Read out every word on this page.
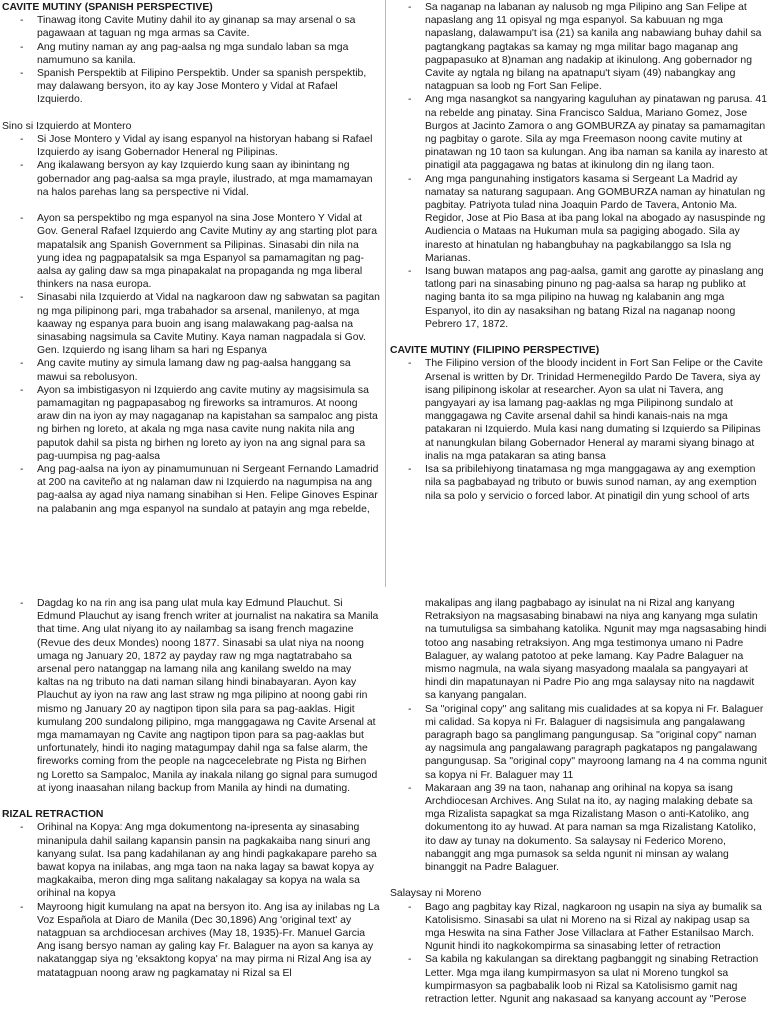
CAVITE MUTINY (SPANISH PERSPECTIVE)

- Tinawag itong Cavite Mutiny dahil ito ay ginanap sa may arsenal o sa pagawaan at taguan ng mga armas sa Cavite.
- Ang mutiny naman ay ang pag-aalsa ng mga sundalo laban sa mga namumuno sa kanila.
- Spanish Perspektib at Filipino Perspektib. Under sa spanish perspektib, may dalawang bersyon, ito ay kay Jose Montero y Vidal at Rafael Izquierdo.

Sino si Izquierdo at Montero

- Si Jose Montero y Vidal ay isang espanyol na historyan habang si Rafael Izquierdo ay isang Gobernador Heneral ng Pilipinas.
- Ang ikalawang bersyon ay kay Izquierdo kung saan ay ibinintang ng gobernador ang pag-aalsa sa mga prayle, ilustrado, at mga mamamayan na halos parehas lang sa perspective ni Vidal.
- Ayon sa perspektibo ng mga espanyol na sina Jose Montero Y Vidal at Gov. General Rafael Izquierdo ang Cavite Mutiny ay ang starting plot para mapatalsik ang Spanish Government sa Pilipinas. Sinasabi din nila na yung idea ng pagpapatalsik sa mga Espanyol sa pamamagitan ng pag-aalsa ay galing daw sa mga pinapakalat na propaganda ng mga liberal thinkers na nasa europa.
- Sinasabi nila Izquierdo at Vidal na nagkaroon daw ng sabwatan sa pagitan ng mga pilipinong pari, mga trabahador sa arsenal, manilenyo, at mga kaaway ng espanya para buoin ang isang malawakang pag-aalsa na sinasabing nagsimula sa Cavite Mutiny. Kaya naman nagpadala si Gov. Gen. Izquierdo ng isang liham sa hari ng Espanya
- Ang cavite mutiny ay simula lamang daw ng pag-aalsa hanggang sa mawui sa rebolusyon.
- Ayon sa imbistigasyon ni Izquierdo ang cavite mutiny ay magsisimula sa pamamagitan ng pagpapasabog ng fireworks sa intramuros. At noong araw din na iyon ay may nagaganap na kapistahan sa sampaloc ang pista ng birhen ng loreto, at akala ng mga nasa cavite nung nakita nila ang paputok dahil sa pista ng birhen ng loreto ay iyon na ang signal para sa pag-uumpisa ng pag-aalsa
- Ang pag-aalsa na iyon ay pinamumunuan ni Sergeant Fernando Lamadrid at 200 na caviteño at ng nalaman daw ni Izquierdo na nagumpisa na ang pag-aalsa ay agad niya namang sinabihan si Hen. Felipe Ginoves Espinar na palabanin ang mga espanyol na sundalo at patayin ang mga rebelde,
- Sa naganap na labanan ay nalusob ng mga Pilipino ang San Felipe at napaslang ang 11 opisyal ng mga espanyol. Sa kabuuan ng mga napaslang, dalawampu't isa (21) sa kanila ang nabawiang buhay dahil sa pagtangkang pagtakas sa kamay ng mga militar bago maganap ang pagpapasuko at 8)naman ang nadakip at ikinulong. Ang gobernador ng Cavite ay ngtala ng bilang na apatnapu't siyam (49) nabangkay ang natagpuan sa loob ng Fort San Felipe.
- Ang mga nasangkot sa nangyaring kaguluhan ay pinatawan ng parusa. 41 na rebelde ang pinatay. Sina Francisco Saldua, Mariano Gomez, Jose Burgos at Jacinto Zamora o ang GOMBURZA ay pinatay sa pamamagitan ng pagbitay o garote. Sila ay mga Freemason noong cavite mutiny at pinatawan ng 10 taon sa kulungan. Ang iba naman sa kanila ay inaresto at pinatigil ata paggagawa ng batas at ikinulong din ng ilang taon.
- Ang mga pangunahing instigators kasama si Sergeant La Madrid ay namatay sa naturang sagupaan. Ang GOMBURZA naman ay hinatulan ng pagbitay. Patriyota tulad nina Joaquin Pardo de Tavera, Antonio Ma. Regidor, Jose at Pio Basa at iba pang lokal na abogado ay nasuspinde ng Audiencia o Mataas na Hukuman mula sa pagiging abogado. Sila ay inaresto at hinatulan ng habangbuhay na pagkabilanggo sa Isla ng Marianas.
- Isang buwan matapos ang pag-aalsa, gamit ang garotte ay pinaslang ang tatlong pari na sinasabing pinuno ng pag-aalsa sa harap ng publiko at naging banta ito sa mga pilipino na huwag ng kalabanin ang mga Espanyol, ito din ay nasaksihan ng batang Rizal na naganap noong Pebrero 17, 1872.

CAVITE MUTINY (FILIPINO PERSPECTIVE)

- The Filipino version of the bloody incident in Fort San Felipe or the Cavite Arsenal is written by Dr. Trinidad Hermenegildo Pardo De Tavera, siya ay isang pilipinong iskolar at researcher. Ayon sa ulat ni Tavera, ang pangyayari ay isa lamang pag-aaklas ng mga Pilipinong sundalo at manggagawa ng Cavite arsenal dahil sa hindi kanais-nais na mga patakaran ni Izquierdo. Mula kasi nang dumating si Izquierdo sa Pilipinas at nanungkulan bilang Gobernador Heneral ay marami siyang binago at inalis na mga patakaran sa ating bansa
- Isa sa pribilehiyong tinatamasa ng mga manggagawa ay ang exemption nila sa pagbabayad ng tributo or buwis sunod naman, ay ang exemption nila sa polo y servicio o forced labor. At pinatigil din yung school of arts
- Dagdag ko na rin ang isa pang ulat mula kay Edmund Plauchut. Si Edmund Plauchut ay isang french writer at journalist na nakatira sa Manila that time. Ang ulat niyang ito ay nailambag sa isang french magazine (Revue des deux Mondes) noong 1877. Sinasabi sa ulat niya na noong umaga ng January 20, 1872 ay payday raw ng mga nagtatrabaho sa arsenal pero natanggap na lamang nila ang kanilang sweldo na may kaltas na ng tributo na dati naman silang hindi binabayaran. Ayon kay Plauchut ay iyon na raw ang last straw ng mga pilipino at noong gabi rin mismo ng January 20 ay nagtipon tipon sila para sa pag-aaklas. Higit kumulang 200 sundalong pilipino, mga manggagawa ng Cavite Arsenal at mga mamamayan ng Cavite ang nagtipon tipon para sa pag-aaklas but unfortunately, hindi ito naging matagumpay dahil nga sa false alarm, the fireworks coming from the people na nagcecelebrate ng Pista ng Birhen ng Loretto sa Sampaloc, Manila ay inakala nilang go signal para sumugod at iyong inaasahan nilang backup from Manila ay hindi na dumating.

RIZAL RETRACTION

- Orihinal na Kopya: Ang mga dokumentong na-ipresenta ay sinasabing minanipula dahil sailang kapansin pansin na pagkakaiba nang sinuri ang kanyang sulat. Isa pang kadahilanan ay ang hindi pagkakapare pareho sa bawat kopya na inilabas, ang mga taon na naka lagay sa bawat kopya ay magkakaiba, meron ding mga salitang nakalagay sa kopya na wala sa orihinal na kopya
- Mayroong higit kumulang na apat na bersyon ito. Ang isa ay inilabas ng La Voz Española at Diaro de Manila (Dec 30,1896) Ang 'original text' ay natagpuan sa archdiocesan archives (May 18, 1935)-Fr. Manuel Garcia Ang isang bersyo naman ay galing kay Fr. Balaguer na ayon sa kanya ay nakatanggap siya ng 'eksaktong kopya' na may pirma ni Rizal Ang isa ay matatagpuan noong araw ng pagkamatay ni Rizal sa El

makalipas ang ilang pagbabago ay isinulat na ni Rizal ang kanyang Retraksiyon na magsasabing binabawi na niya ang kanyang mga sulatin na tumutuligsa sa simbahang katolika. Ngunit may mga nagsasabing hindi totoo ang nasabing retraksiyon. Ang mga testimonya umano ni Padre Balaguer, ay walang patotoo at peke lamang. Kay Padre Balaguer na mismo nagmula, na wala siyang masyadong maalala sa pangyayari at hindi din mapatunayan ni Padre Pio ang mga salaysay nito na nagdawit sa kanyang pangalan.

- Sa "original copy" ang salitang mis cualidades at sa kopya ni Fr. Balaguer mi calidad. Sa kopya ni Fr. Balaguer di nagsisimula ang pangalawang paragraph bago sa panglimang pangungusap. Sa "original copy" naman ay nagsimula ang pangalawang paragraph pagkatapos ng pangalawang pangungusap. Sa "original copy" mayroong lamang na 4 na comma ngunit sa kopya ni Fr. Balaguer may 11
- Makaraan ang 39 na taon, nahanap ang orihinal na kopya sa isang Archdiocesan Archives. Ang Sulat na ito, ay naging malaking debate sa mga Rizalista sapagkat sa mga Rizalistang Mason o anti-Katoliko, ang dokumentong ito ay huwad. At para naman sa mga Rizalistang Katoliko, ito daw ay tunay na dokumento. Sa salaysay ni Federico Moreno, nabanggit ang mga pumasok sa selda ngunit ni minsan ay walang binanggit na Padre Balaguer.

Salaysay ni Moreno

- Bago ang pagbitay kay Rizal, nagkaroon ng usapin na siya ay bumalik sa Katolisismo. Sinasabi sa ulat ni Moreno na si Rizal ay nakipag usap sa mga Heswita na sina Father Jose Villaclara at Father Estanilsao March. Ngunit hindi ito nagkokompirma sa sinasabing letter of retraction
- Sa kabila ng kakulangan sa direktang pagbanggit ng sinabing Retraction Letter. Mga mga ilang kumpirmasyon sa ulat ni Moreno tungkol sa kumpirmasyon sa pagbabalik loob ni Rizal sa Katolisismo gamit nag retraction letter. Ngunit ang nakasaad sa kanyang account ay "Perose
